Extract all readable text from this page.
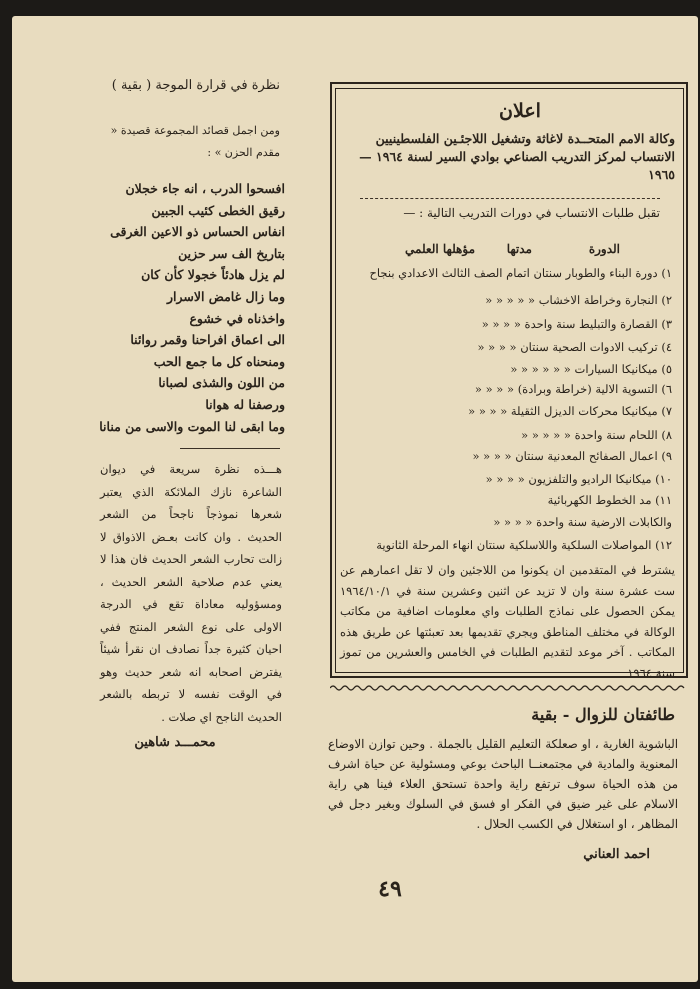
نظرة في قرارة الموجة ( بقية )
ومن اجمل قصائد المجموعة قصيدة « مقدم الحزن » :
افسحوا الدرب ، انه جاء خجلان
رقيق الخطى كئيب الجبين
انفاس الحساس ذو الاعين الغرقى
بتاريخ الف سر حزين
لم يزل هادئاً خجولا كأن كان
وما زال غامض الاسرار
واخذناه في خشوع
الى اعماق افراحنا وقمر روائنا
ومنحناه كل ما جمع الحب
من اللون والشذى لصبانا
ورصفنا له هوانا
وما ابقى لنا الموت والاسى من منانا
هـــذه نظرة سريعة في ديوان الشاعرة نازك الملائكة الذي يعتبر شعرها نموذجاً ناجحاً من الشعر الحديث . وان كانت بعـض الاذواق لا زالت تحارب الشعر الحديث فان هذا لا يعني عدم صلاحية الشعر الحديث ، ومسؤوليه معاداة تقع في الدرجة الاولى على نوع الشعر المنتج ففي احيان كثيرة جداً نصادف ان نقرأ شيئاً يفترض اصحابه انه شعر حديث وهو في الوقت نفسه لا تربطه بالشعر الحديث الناجح اي صلات .
محمـــد شاهين
اعلان
وكالة الامم المتحــدة لاغاثة وتشغيل اللاجئـين الفلسطينيين الانتساب لمركز التدريب الصناعي بوادي السير لسنة ١٩٦٤ — ١٩٦٥
تقبل طلبات الانتساب في دورات التدريب التالية : —
الدورة
مدتها
مؤهلها العلمي
١) دورة البناء والطوبار سنتان اتمام الصف الثالث الاعدادي بنجاح
٢) النجارة وخراطة الاخشاب « « « « «
٣) القصارة والتبليط سنة واحدة « « « «
٤) تركيب الادوات الصحية سنتان « « « «
٥) ميكانيكا السيارات « « « « « «
٦) التسوية الالية (خراطة وبرادة) « « « «
٧) ميكانيكا محركات الديزل الثقيلة « « « «
٨) اللحام سنة واحدة « « « « «
٩) اعمال الصفائح المعدنية سنتان « « « «
١٠) ميكانيكا الراديو والتلفزيون « « « «
١١) مد الخطوط الكهربائية
والكابلات الارضية سنة واحدة « « « «
١٢) المواصلات السلكية واللاسلكية سنتان انهاء المرحلة الثانوية
يشترط في المتقدمين ان يكونوا من اللاجئين وان لا تقل اعمارهم عن ست عشرة سنة وان لا تزيد عن اثنين وعشرين سنة في ١٩٦٤/١٠/١ يمكن الحصول على نماذج الطلبات واي معلومات اضافية من مكاتب الوكالة في مختلف المناطق ويجري تقديمها بعد تعبئتها عن طريق هذه المكاتب . آخر موعد لتقديم الطلبات في الخامس والعشرين من تموز سنة ١٩٦٤
طائفتان للزوال - بقية
الباشوية الغارية ، او صعلكة التعليم القليل بالجملة . وحين توازن الاوضاع المعنوية والمادية في مجتمعنــا الباحث بوعي ومسئولية عن حياة اشرف من هذه الحياة سوف ترتفع راية واحدة تستحق العلاء فينا هي راية الاسلام على غير ضيق في الفكر او فسق في السلوك وبغير دجل في المظاهر ، او استغلال في الكسب الحلال .
احمد العناني
٤٩
